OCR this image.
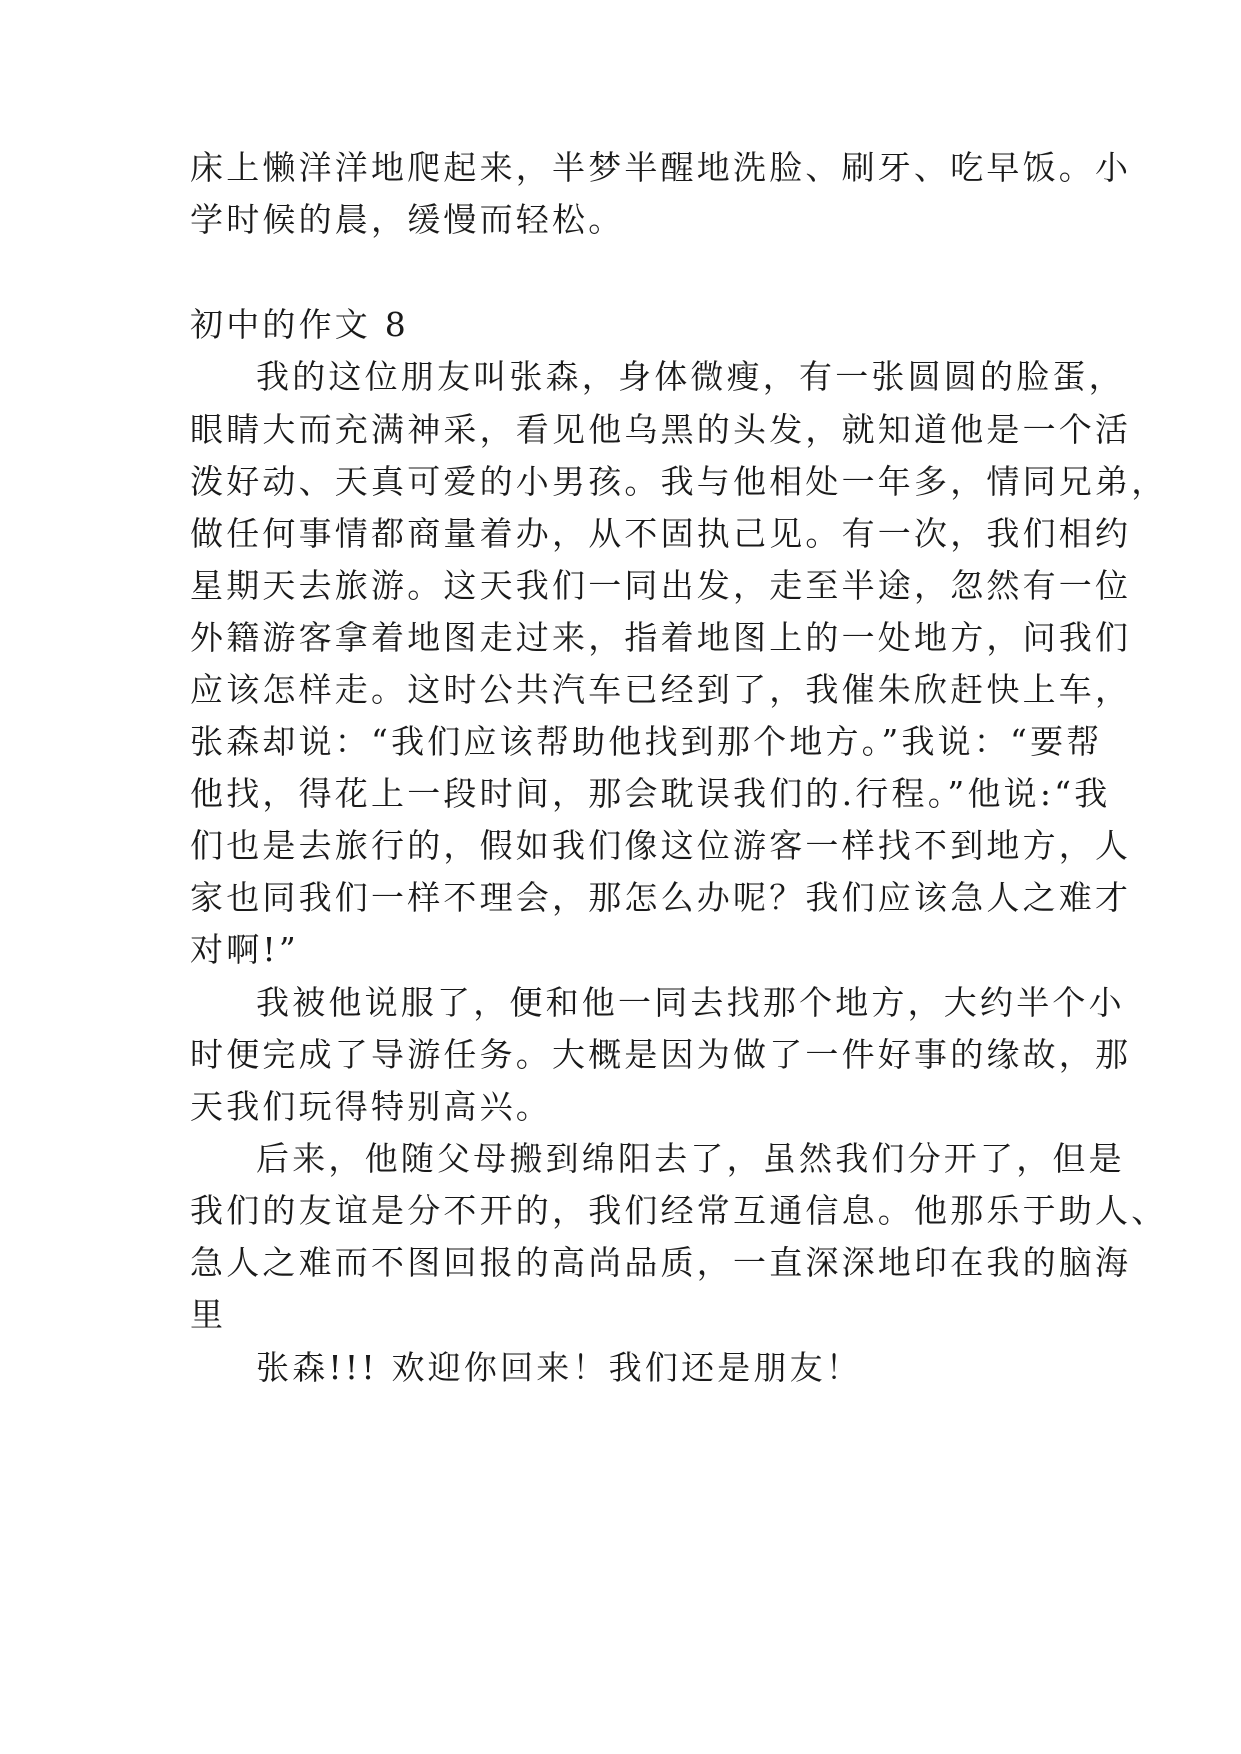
床上懒洋洋地爬起来，半梦半醒地洗脸、刷牙、吃早饭。小
学时候的晨，缓慢而轻松。
初中的作文 8
我的这位朋友叫张森，身体微瘦，有一张圆圆的脸蛋，
眼睛大而充满神采，看见他乌黑的头发，就知道他是一个活
泼好动、天真可爱的小男孩。我与他相处一年多，情同兄弟，
做任何事情都商量着办，从不固执己见。有一次，我们相约
星期天去旅游。这天我们一同出发，走至半途，忽然有一位
外籍游客拿着地图走过来，指着地图上的一处地方，问我们
应该怎样走。这时公共汽车已经到了，我催朱欣赶快上车，
张森却说：“我们应该帮助他找到那个地方。”我说：“要帮
他找，得花上一段时间，那会耽误我们的.行程。”他说:“我
们也是去旅行的，假如我们像这位游客一样找不到地方，人
家也同我们一样不理会，那怎么办呢？我们应该急人之难才
对啊!”
我被他说服了，便和他一同去找那个地方，大约半个小
时便完成了导游任务。大概是因为做了一件好事的缘故，那
天我们玩得特别高兴。
后来，他随父母搬到绵阳去了，虽然我们分开了，但是
我们的友谊是分不开的，我们经常互通信息。他那乐于助人、
急人之难而不图回报的高尚品质，一直深深地印在我的脑海
里
张森!!! 欢迎你回来！我们还是朋友！
